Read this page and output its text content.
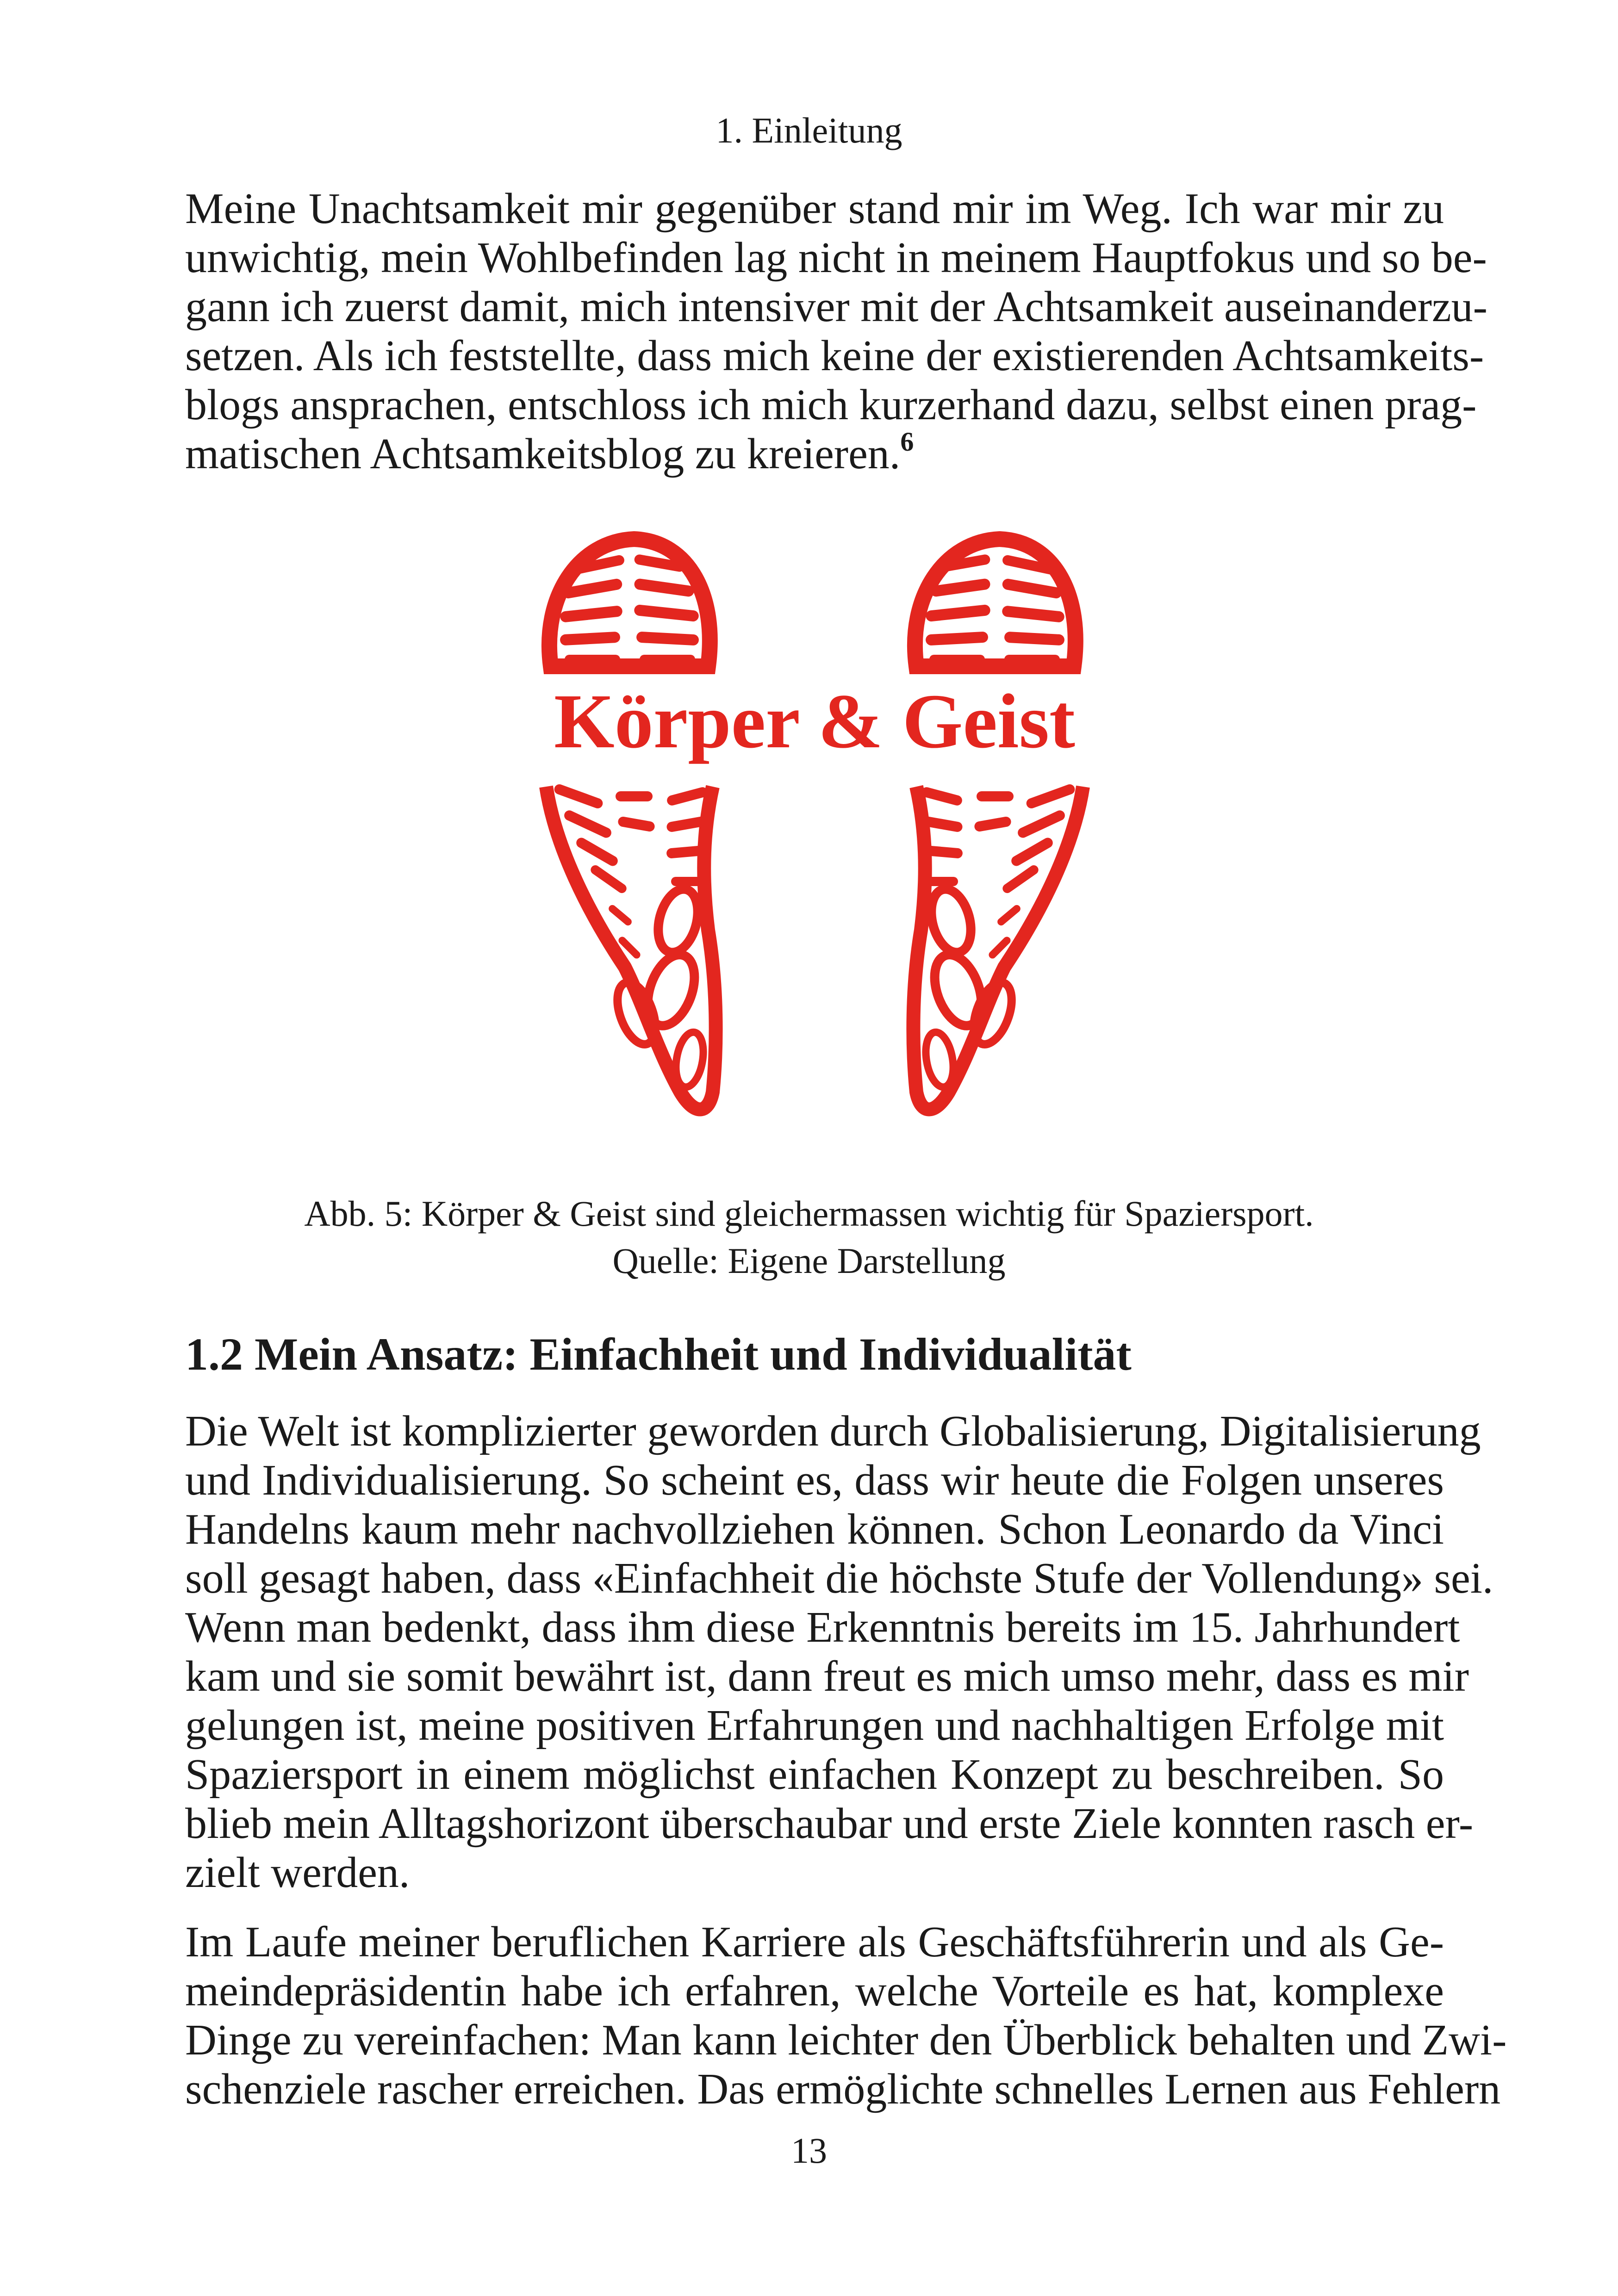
1. Einleitung

Meine Unachtsamkeit mir gegenüber stand mir im Weg. Ich war mir zu
unwichtig, mein Wohlbefinden lag nicht in meinem Hauptfokus und so be-
gann ich zuerst damit, mich intensiver mit der Achtsamkeit auseinanderzu-
setzen. Als ich feststellte, dass mich keine der existierenden Achtsamkeits-
blogs ansprachen, entschloss ich mich kurzerhand dazu, selbst einen prag-
matischen Achtsamkeitsblog zu kreieren.$^6$

Körper & Geist
Abb. 5: Körper & Geist sind gleichermassen wichtig für Spaziersport.
Quelle: Eigene Darstellung
1.2 Mein Ansatz: Einfachheit und Individualität

Die Welt ist komplizierter geworden durch Globalisierung, Digitalisierung
und Individualisierung. So scheint es, dass wir heute die Folgen unseres
Handelns kaum mehr nachvollziehen können. Schon Leonardo da Vinci
soll gesagt haben, dass «Einfachheit die höchste Stufe der Vollendung» sei.
Wenn man bedenkt, dass ihm diese Erkenntnis bereits im 15. Jahrhundert
kam und sie somit bewährt ist, dann freut es mich umso mehr, dass es mir
gelungen ist, meine positiven Erfahrungen und nachhaltigen Erfolge mit
Spaziersport in einem möglichst einfachen Konzept zu beschreiben. So
blieb mein Alltagshorizont überschaubar und erste Ziele konnten rasch er-
zielt werden.

Im Laufe meiner beruflichen Karriere als Geschäftsführerin und als Ge-
meindepräsidentin habe ich erfahren, welche Vorteile es hat, komplexe
Dinge zu vereinfachen: Man kann leichter den Überblick behalten und Zwi-
schenziele rascher erreichen. Das ermöglichte schnelles Lernen aus Fehlern

13
